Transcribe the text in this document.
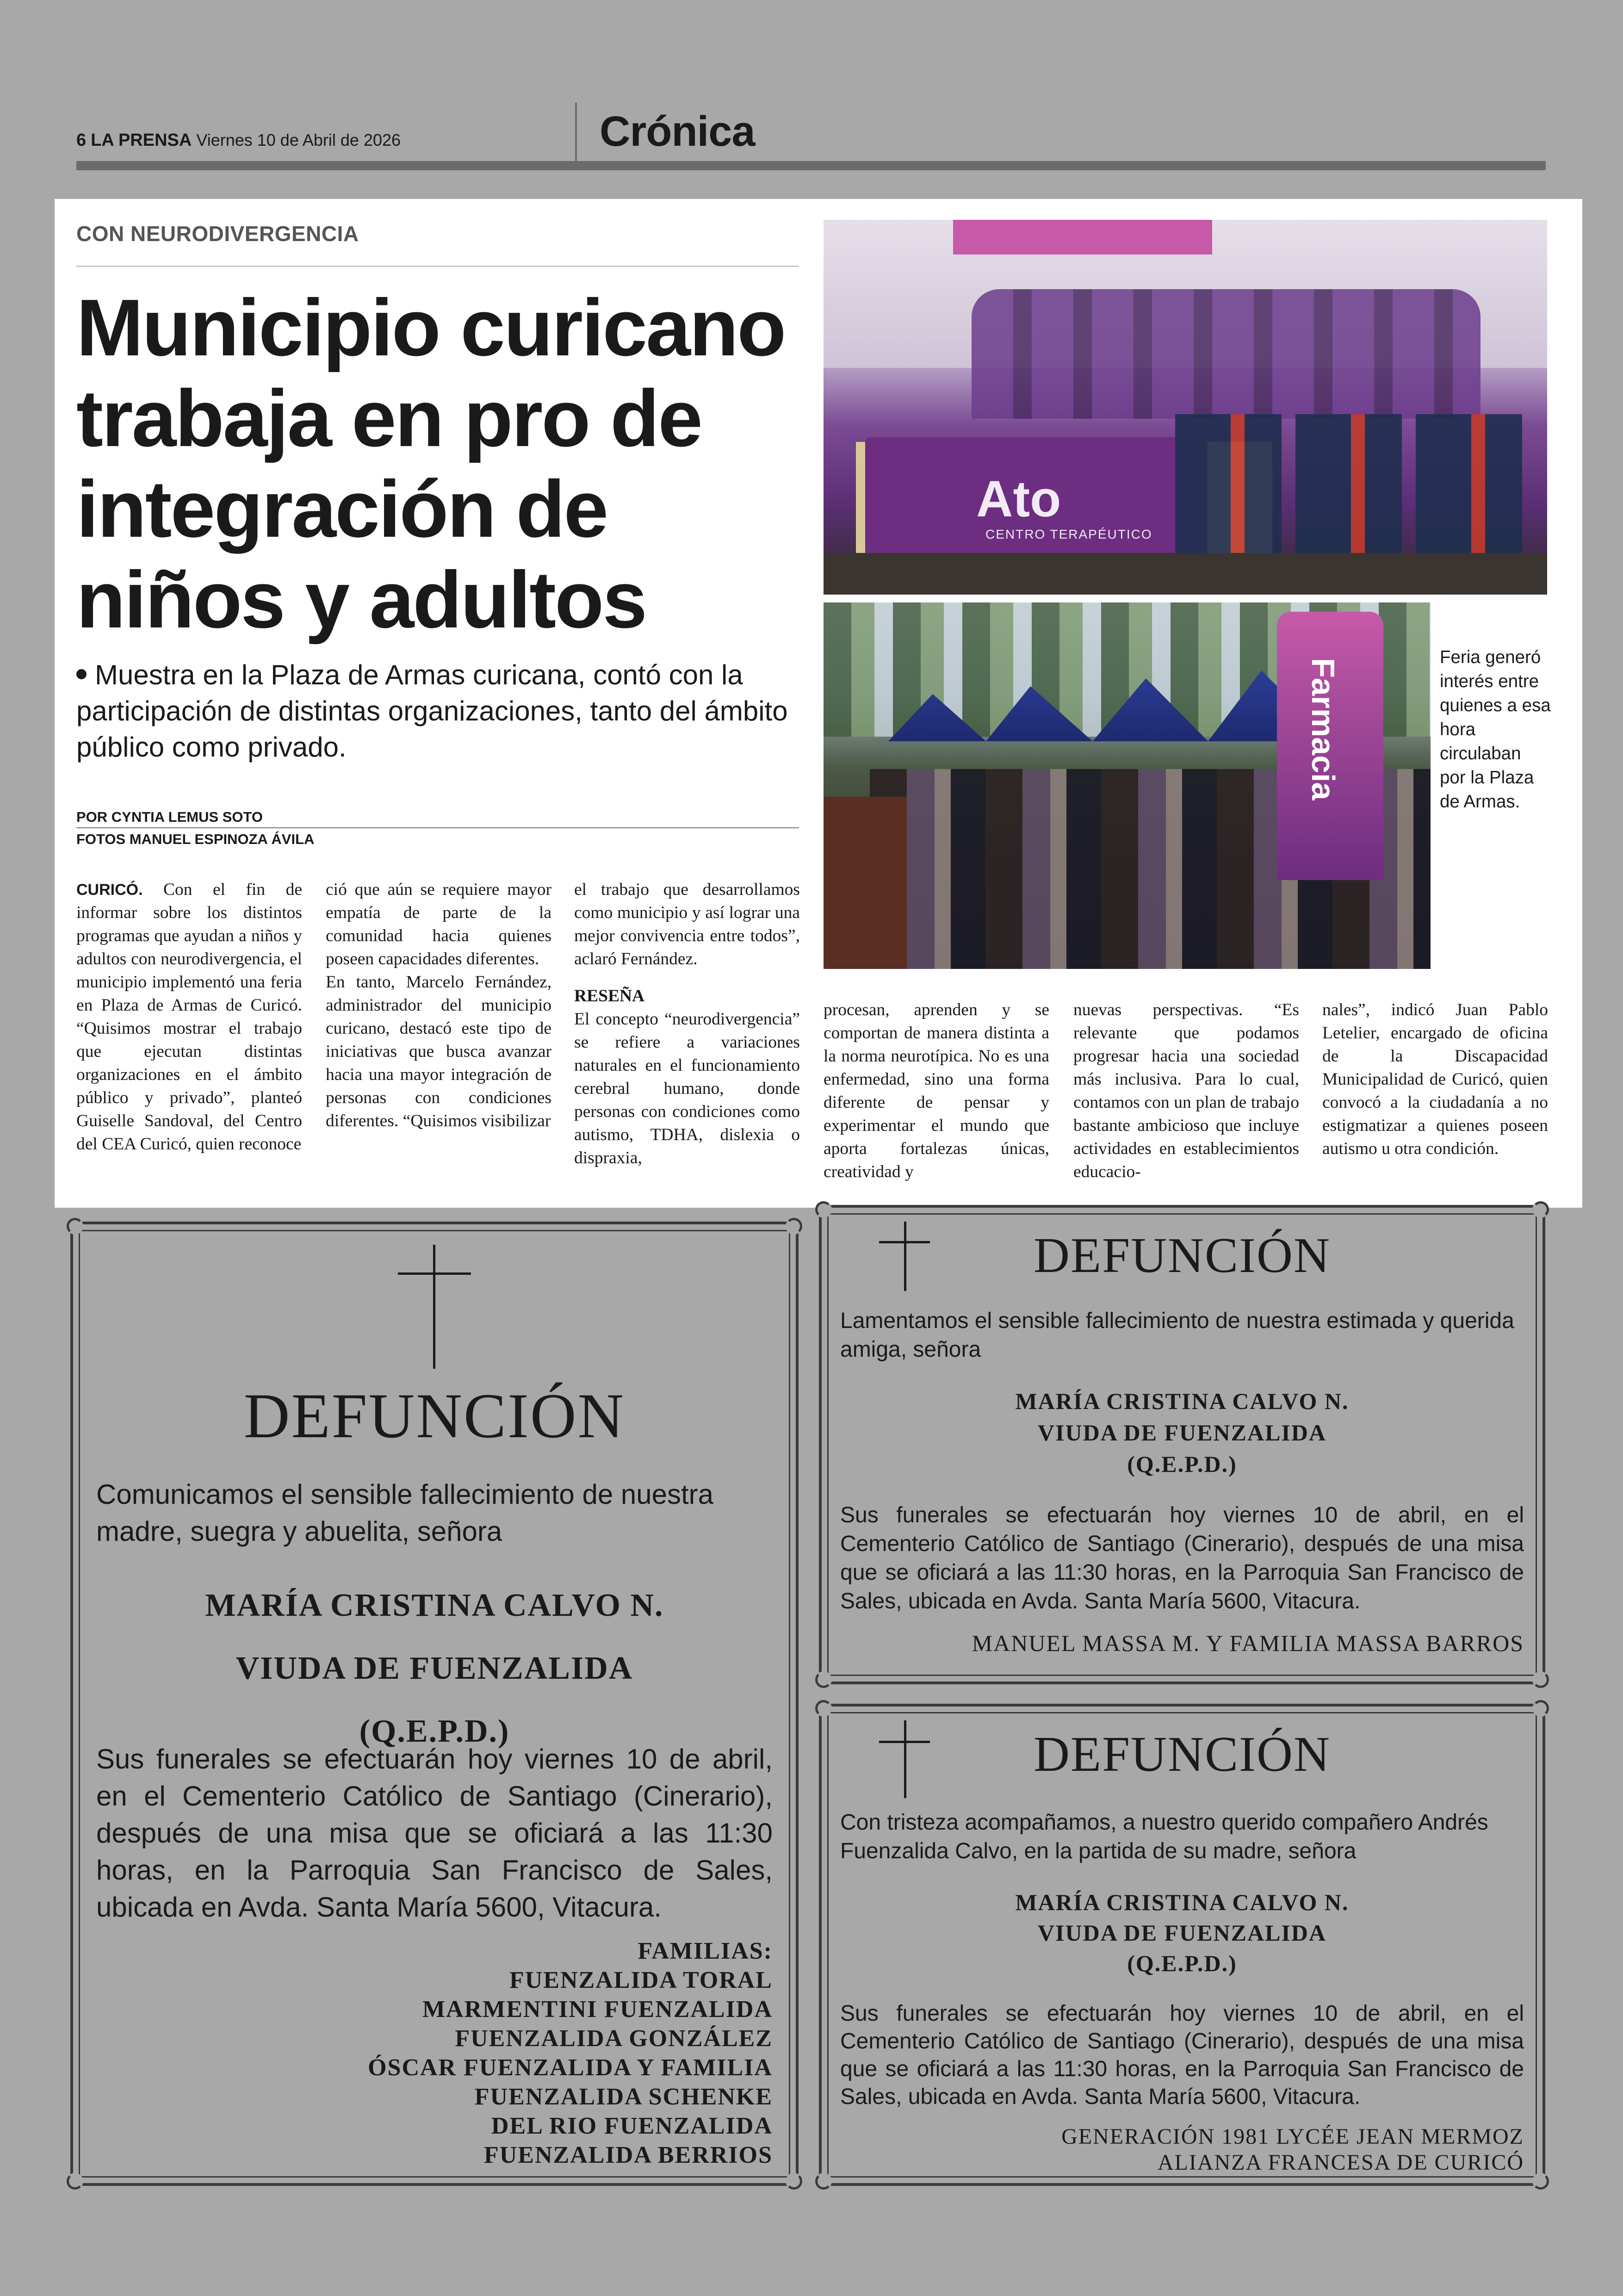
6 LA PRENSA Viernes 10 de Abril de 2026	Crónica
CON NEURODIVERGENCIA
Municipio curicano trabaja en pro de integración de niños y adultos

Muestra en la Plaza de Armas curicana, contó con la participación de distintas organizaciones, tanto del ámbito público como privado.

POR CYNTIA LEMUS SOTO
FOTOS MANUEL ESPINOZA ÁVILA

CURICÓ. Con el fin de informar sobre los distintos programas que ayudan a niños y adultos con neurodivergencia, el municipio implementó una feria en Plaza de Armas de Curicó. “Quisimos mostrar el trabajo que ejecutan distintas organizaciones en el ámbito público y privado”, planteó Guiselle Sandoval, del Centro del CEA Curicó, quien reconoce

ció que aún se requiere mayor empatía de parte de la comunidad hacia quienes poseen capacidades diferentes.

En tanto, Marcelo Fernández, administrador del municipio curicano, destacó este tipo de iniciativas que busca avanzar hacia una mayor integración de personas con condiciones diferentes. “Quisimos visibilizar

el trabajo que desarrollamos como municipio y así lograr una mejor convivencia entre todos”, aclaró Fernández.

RESEÑA

El concepto “neurodivergencia” se refiere a variaciones naturales en el funcionamiento cerebral humano, donde personas con condiciones como autismo, TDHA, dislexia o dispraxia,

procesan, aprenden y se comportan de manera distinta a la norma neurotípica. No es una enfermedad, sino una forma diferente de pensar y experimentar el mundo que aporta fortalezas únicas, creatividad y

nuevas perspectivas. “Es relevante que podamos progresar hacia una sociedad más inclusiva. Para lo cual, contamos con un plan de trabajo bastante ambicioso que incluye actividades en establecimientos educacio-

nales”, indicó Juan Pablo Letelier, encargado de oficina de la Discapacidad Municipalidad de Curicó, quien convocó a la ciudadanía a no estigmatizar a quienes poseen autismo u otra condición.

Ato
CENTRO TERAPÉUTICO
Farmacia

Feria generó interés entre quienes a esa hora circulaban por la Plaza de Armas.

DEFUNCIÓN

Comunicamos el sensible fallecimiento de nuestra madre, suegra y abuelita, señora

MARÍA CRISTINA CALVO N.
VIUDA DE FUENZALIDA
(Q.E.P.D.)

Sus funerales se efectuarán hoy viernes 10 de abril, en el Cementerio Católico de Santiago (Cinerario), después de una misa que se oficiará a las 11:30 horas, en la Parroquia San Francisco de Sales, ubicada en Avda. Santa María 5600, Vitacura.

FAMILIAS:
FUENZALIDA TORAL
MARMENTINI FUENZALIDA
FUENZALIDA GONZÁLEZ
ÓSCAR FUENZALIDA Y FAMILIA
FUENZALIDA SCHENKE
DEL RIO FUENZALIDA
FUENZALIDA BERRIOS
DEFUNCIÓN

Lamentamos el sensible fallecimiento de nuestra estimada y querida amiga, señora

MARÍA CRISTINA CALVO N.
VIUDA DE FUENZALIDA
(Q.E.P.D.)

Sus funerales se efectuarán hoy viernes 10 de abril, en el Cementerio Católico de Santiago (Cinerario), después de una misa que se oficiará a las 11:30 horas, en la Parroquia San Francisco de Sales, ubicada en Avda. Santa María 5600, Vitacura.

MANUEL MASSA M. Y FAMILIA MASSA BARROS
DEFUNCIÓN

Con tristeza acompañamos, a nuestro querido compañero Andrés Fuenzalida Calvo, en la partida de su madre, señora

MARÍA CRISTINA CALVO N.
VIUDA DE FUENZALIDA
(Q.E.P.D.)

Sus funerales se efectuarán hoy viernes 10 de abril, en el Cementerio Católico de Santiago (Cinerario), después de una misa que se oficiará a las 11:30 horas, en la Parroquia San Francisco de Sales, ubicada en Avda. Santa María 5600, Vitacura.

GENERACIÓN 1981 LYCÉE JEAN MERMOZ
ALIANZA FRANCESA DE CURICÓ
